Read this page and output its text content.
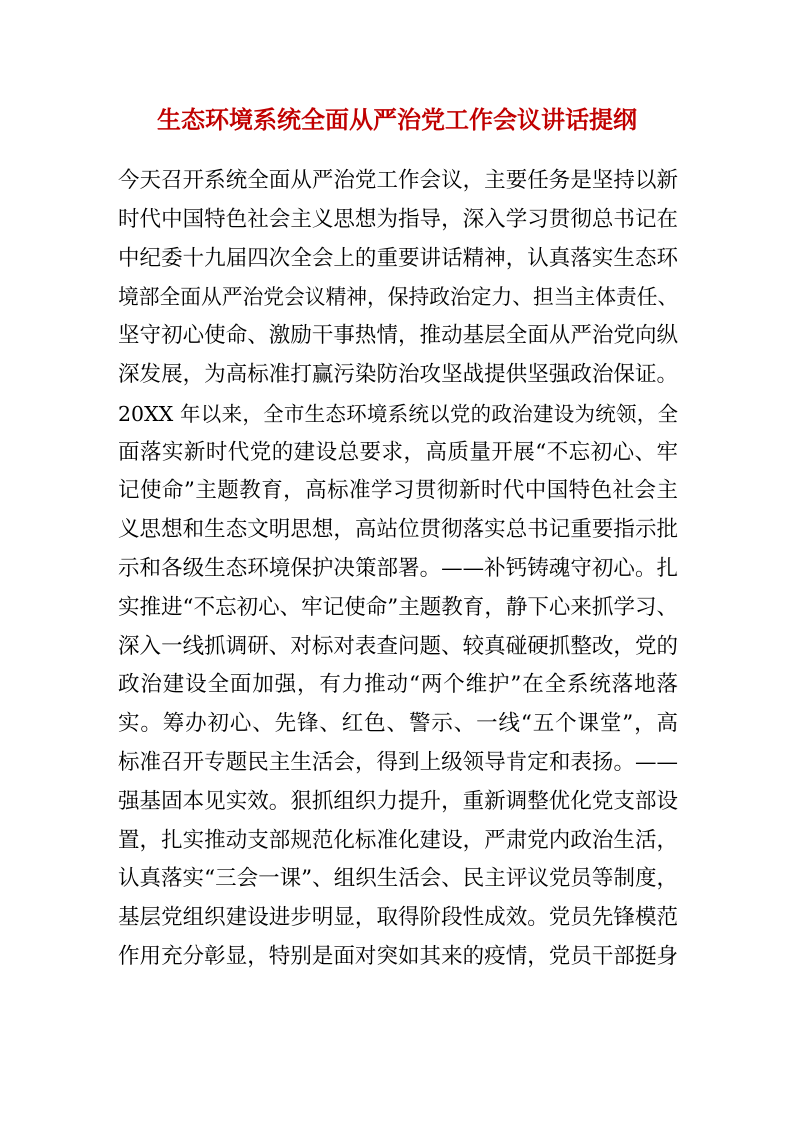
生态环境系统全面从严治党工作会议讲话提纲
今天召开系统全面从严治党工作会议，主要任务是坚持以新
时代中国特色社会主义思想为指导，深入学习贯彻总书记在
中纪委十九届四次全会上的重要讲话精神，认真落实生态环
境部全面从严治党会议精神，保持政治定力、担当主体责任、
坚守初心使命、激励干事热情，推动基层全面从严治党向纵
深发展，为高标准打赢污染防治攻坚战提供坚强政治保证。
20XX 年以来，全市生态环境系统以党的政治建设为统领，全
面落实新时代党的建设总要求，高质量开展“不忘初心、牢
记使命”主题教育，高标准学习贯彻新时代中国特色社会主
义思想和生态文明思想，高站位贯彻落实总书记重要指示批
示和各级生态环境保护决策部署。——补钙铸魂守初心。扎
实推进“不忘初心、牢记使命”主题教育，静下心来抓学习、
深入一线抓调研、对标对表查问题、较真碰硬抓整改，党的
政治建设全面加强，有力推动“两个维护”在全系统落地落
实。筹办初心、先锋、红色、警示、一线“五个课堂”，高
标准召开专题民主生活会，得到上级领导肯定和表扬。——
强基固本见实效。狠抓组织力提升，重新调整优化党支部设
置，扎实推动支部规范化标准化建设，严肃党内政治生活，
认真落实“三会一课”、组织生活会、民主评议党员等制度，
基层党组织建设进步明显，取得阶段性成效。党员先锋模范
作用充分彰显，特别是面对突如其来的疫情，党员干部挺身
